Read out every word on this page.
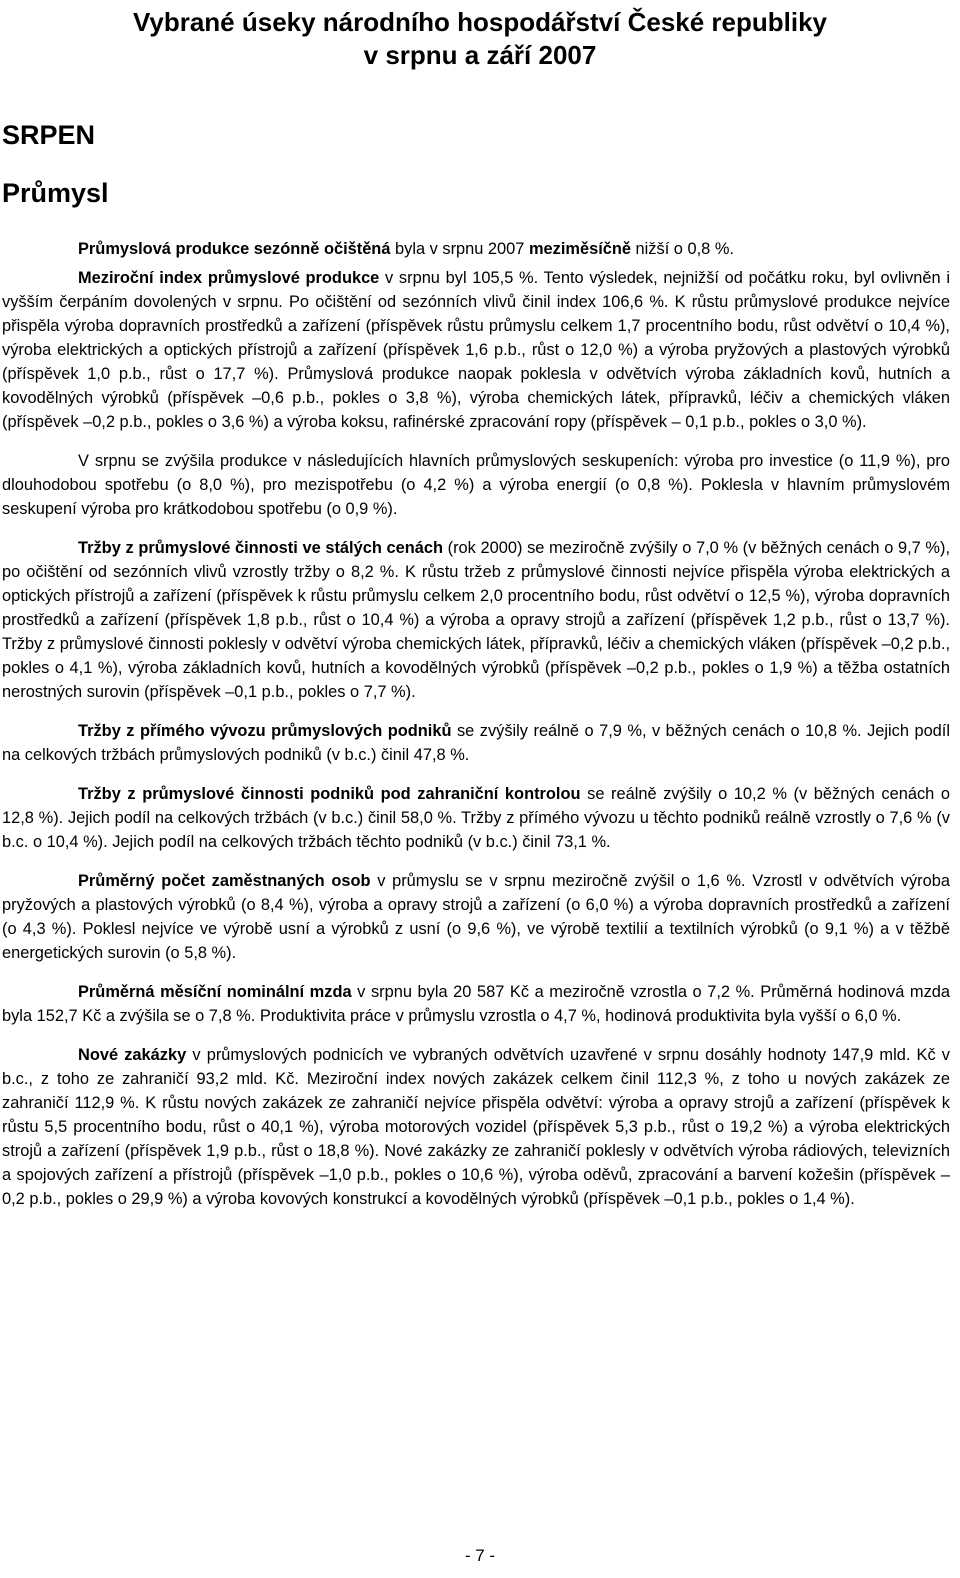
Vybrané úseky národního hospodářství České republiky
v srpnu a září 2007
SRPEN
Průmysl

Průmyslová produkce sezónně očištěná byla v srpnu 2007 meziměsíčně nižší o 0,8 %.

Meziroční index průmyslové produkce v srpnu byl 105,5 %. Tento výsledek, nejnižší od počátku roku, byl ovlivněn i vyšším čerpáním dovolených v srpnu. Po očištění od sezónních vlivů činil index 106,6 %. K růstu průmyslové produkce nejvíce přispěla výroba dopravních prostředků a zařízení (příspěvek růstu průmyslu celkem 1,7 procentního bodu, růst odvětví o 10,4 %), výroba elektrických a optických přístrojů a zařízení (příspěvek 1,6 p.b., růst o 12,0 %) a výroba pryžových a plastových výrobků (příspěvek 1,0 p.b., růst o 17,7 %). Průmyslová produkce naopak poklesla v odvětvích výroba základních kovů, hutních a kovodělných výrobků (příspěvek –0,6 p.b., pokles o 3,8 %), výroba chemických látek, přípravků, léčiv a chemických vláken (příspěvek –0,2 p.b., pokles o 3,6 %) a výroba koksu, rafinérské zpracování ropy (příspěvek – 0,1 p.b., pokles o 3,0 %).

V srpnu se zvýšila produkce v následujících hlavních průmyslových seskupeních: výroba pro investice (o 11,9 %), pro dlouhodobou spotřebu (o 8,0 %), pro mezispotřebu (o 4,2 %) a výroba energií (o 0,8 %). Poklesla v hlavním průmyslovém seskupení výroba pro krátkodobou spotřebu (o 0,9 %).

Tržby z průmyslové činnosti ve stálých cenách (rok 2000) se meziročně zvýšily o 7,0 % (v běžných cenách o 9,7 %), po očištění od sezónních vlivů vzrostly tržby o 8,2 %. K růstu tržeb z průmyslové činnosti nejvíce přispěla výroba elektrických a optických přístrojů a zařízení (příspěvek k růstu průmyslu celkem 2,0 procentního bodu, růst odvětví o 12,5 %), výroba dopravních prostředků a zařízení (příspěvek 1,8 p.b., růst o 10,4 %) a výroba a opravy strojů a zařízení (příspěvek 1,2 p.b., růst o 13,7 %). Tržby z průmyslové činnosti poklesly v odvětví výroba chemických látek, přípravků, léčiv a chemických vláken (příspěvek –0,2 p.b., pokles o 4,1 %), výroba základních kovů, hutních a kovodělných výrobků (příspěvek –0,2 p.b., pokles o 1,9 %) a těžba ostatních nerostných surovin (příspěvek –0,1 p.b., pokles o 7,7 %).

Tržby z přímého vývozu průmyslových podniků se zvýšily reálně o 7,9 %, v běžných cenách o 10,8 %. Jejich podíl na celkových tržbách průmyslových podniků (v b.c.) činil 47,8 %.

Tržby z průmyslové činnosti podniků pod zahraniční kontrolou se reálně zvýšily o 10,2 % (v běžných cenách o 12,8 %). Jejich podíl na celkových tržbách (v b.c.) činil 58,0 %. Tržby z přímého vývozu u těchto podniků reálně vzrostly o 7,6 % (v b.c. o 10,4 %). Jejich podíl na celkových tržbách těchto podniků (v b.c.) činil 73,1 %.

Průměrný počet zaměstnaných osob v průmyslu se v srpnu meziročně zvýšil o 1,6 %. Vzrostl v odvětvích výroba pryžových a plastových výrobků (o 8,4 %), výroba a opravy strojů a zařízení (o 6,0 %) a výroba dopravních prostředků a zařízení (o 4,3 %). Poklesl nejvíce ve výrobě usní a výrobků z usní (o 9,6 %), ve výrobě textilií a textilních výrobků (o 9,1 %) a v těžbě energetických surovin (o 5,8 %).

Průměrná měsíční nominální mzda v srpnu byla 20 587 Kč a meziročně vzrostla o 7,2 %. Průměrná hodinová mzda byla 152,7 Kč a zvýšila se o 7,8 %. Produktivita práce v průmyslu vzrostla o 4,7 %, hodinová produktivita byla vyšší o 6,0 %.

Nové zakázky v průmyslových podnicích ve vybraných odvětvích uzavřené v srpnu dosáhly hodnoty 147,9 mld. Kč v b.c., z toho ze zahraničí 93,2 mld. Kč. Meziroční index nových zakázek celkem činil 112,3 %, z toho u nových zakázek ze zahraničí 112,9 %. K růstu nových zakázek ze zahraničí nejvíce přispěla odvětví: výroba a opravy strojů a zařízení (příspěvek k růstu 5,5 procentního bodu, růst o 40,1 %), výroba motorových vozidel (příspěvek 5,3 p.b., růst o 19,2 %) a výroba elektrických strojů a zařízení (příspěvek 1,9 p.b., růst o 18,8 %). Nové zakázky ze zahraničí poklesly v odvětvích výroba rádiových, televizních a spojových zařízení a přístrojů (příspěvek –1,0 p.b., pokles o 10,6 %), výroba oděvů, zpracování a barvení kožešin (příspěvek –0,2 p.b., pokles o 29,9 %) a výroba kovových konstrukcí a kovodělných výrobků (příspěvek –0,1 p.b., pokles o 1,4 %).

- 7 -
